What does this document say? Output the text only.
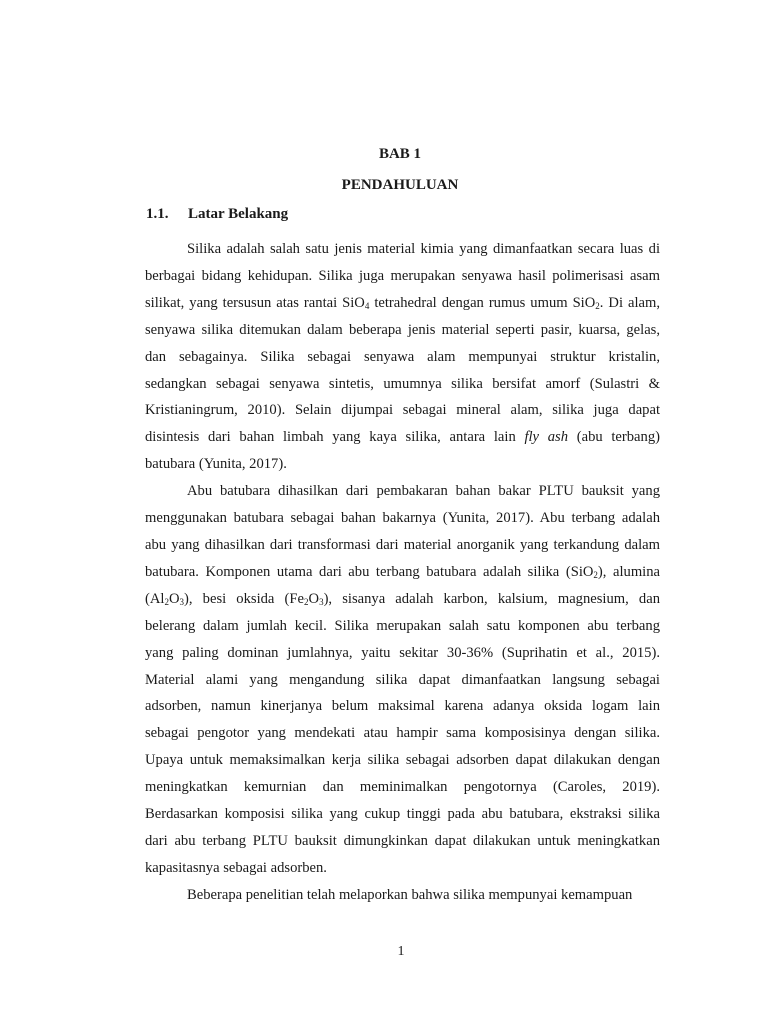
BAB 1
PENDAHULUAN
1.1. Latar Belakang
Silika adalah salah satu jenis material kimia yang dimanfaatkan secara luas di
berbagai bidang kehidupan. Silika juga merupakan senyawa hasil polimerisasi asam
silikat, yang tersusun atas rantai SiO$_4$ tetrahedral dengan rumus umum SiO$_2$. Di alam,
senyawa silika ditemukan dalam beberapa jenis material seperti pasir, kuarsa, gelas,
dan sebagainya. Silika sebagai senyawa alam mempunyai struktur kristalin,
sedangkan sebagai senyawa sintetis, umumnya silika bersifat amorf (Sulastri &
Kristianingrum, 2010). Selain dijumpai sebagai mineral alam, silika juga dapat
disintesis dari bahan limbah yang kaya silika, antara lain fly ash (abu terbang)
batubara (Yunita, 2017).
Abu batubara dihasilkan dari pembakaran bahan bakar PLTU bauksit yang
menggunakan batubara sebagai bahan bakarnya (Yunita, 2017). Abu terbang adalah
abu yang dihasilkan dari transformasi dari material anorganik yang terkandung dalam
batubara. Komponen utama dari abu terbang batubara adalah silika (SiO$_2$), alumina
$(Al_2O_3)$, besi oksida $(Fe_2O_3)$, sisanya adalah karbon, kalsium, magnesium, dan
belerang dalam jumlah kecil. Silika merupakan salah satu komponen abu terbang
yang paling dominan jumlahnya, yaitu sekitar 30-36% (Suprihatin et al., 2015).
Material alami yang mengandung silika dapat dimanfaatkan langsung sebagai
adsorben, namun kinerjanya belum maksimal karena adanya oksida logam lain
sebagai pengotor yang mendekati atau hampir sama komposisinya dengan silika.
Upaya untuk memaksimalkan kerja silika sebagai adsorben dapat dilakukan dengan
meningkatkan kemurnian dan meminimalkan pengotornya (Caroles, 2019).
Berdasarkan komposisi silika yang cukup tinggi pada abu batubara, ekstraksi silika
dari abu terbang PLTU bauksit dimungkinkan dapat dilakukan untuk meningkatkan
kapasitasnya sebagai adsorben.
Beberapa penelitian telah melaporkan bahwa silika mempunyai kemampuan
1
